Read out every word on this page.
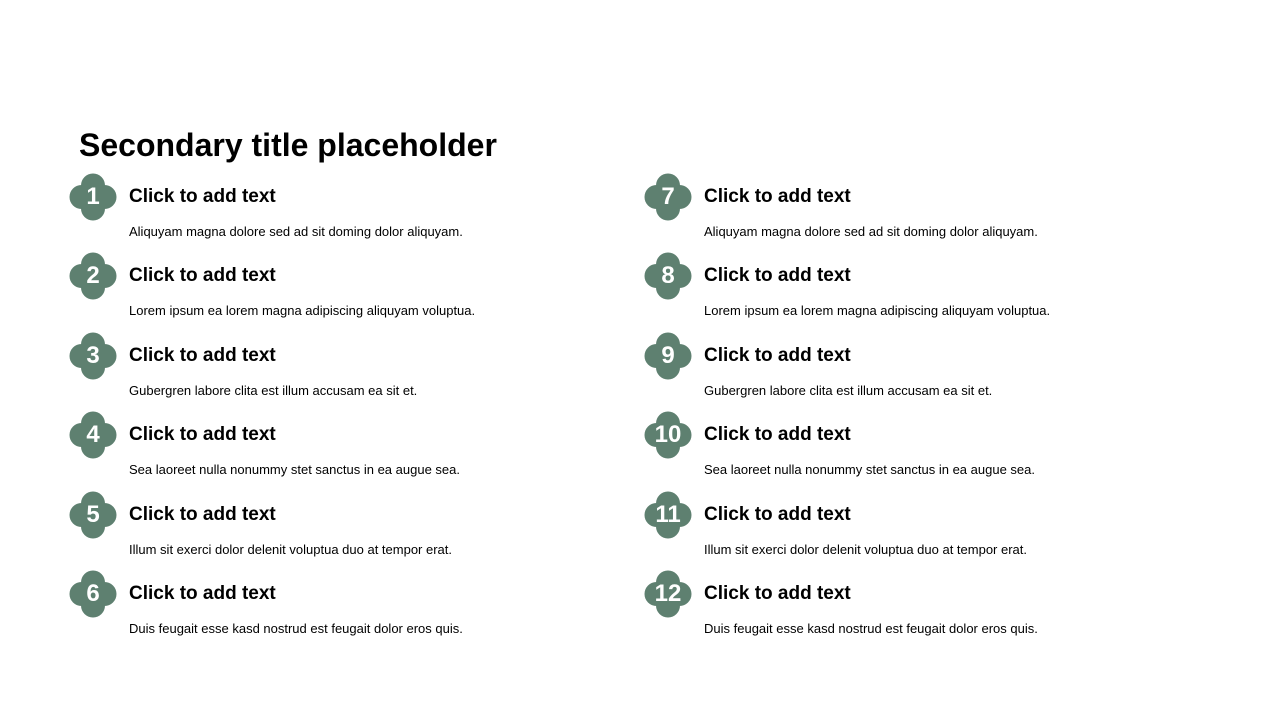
Secondary title placeholder
1	Click to add text
Aliquyam magna dolore sed ad sit doming dolor aliquyam.
2	Click to add text
Lorem ipsum ea lorem magna adipiscing aliquyam voluptua.
3	Click to add text
Gubergren labore clita est illum accusam ea sit et.
4	Click to add text
Sea laoreet nulla nonummy stet sanctus in ea augue sea.
5	Click to add text
Illum sit exerci dolor delenit voluptua duo at tempor erat.
6	Click to add text
Duis feugait esse kasd nostrud est feugait dolor eros quis.
7	Click to add text
Aliquyam magna dolore sed ad sit doming dolor aliquyam.
8	Click to add text
Lorem ipsum ea lorem magna adipiscing aliquyam voluptua.
9	Click to add text
Gubergren labore clita est illum accusam ea sit et.
10	Click to add text
Sea laoreet nulla nonummy stet sanctus in ea augue sea.
11	Click to add text
Illum sit exerci dolor delenit voluptua duo at tempor erat.
12	Click to add text
Duis feugait esse kasd nostrud est feugait dolor eros quis.
